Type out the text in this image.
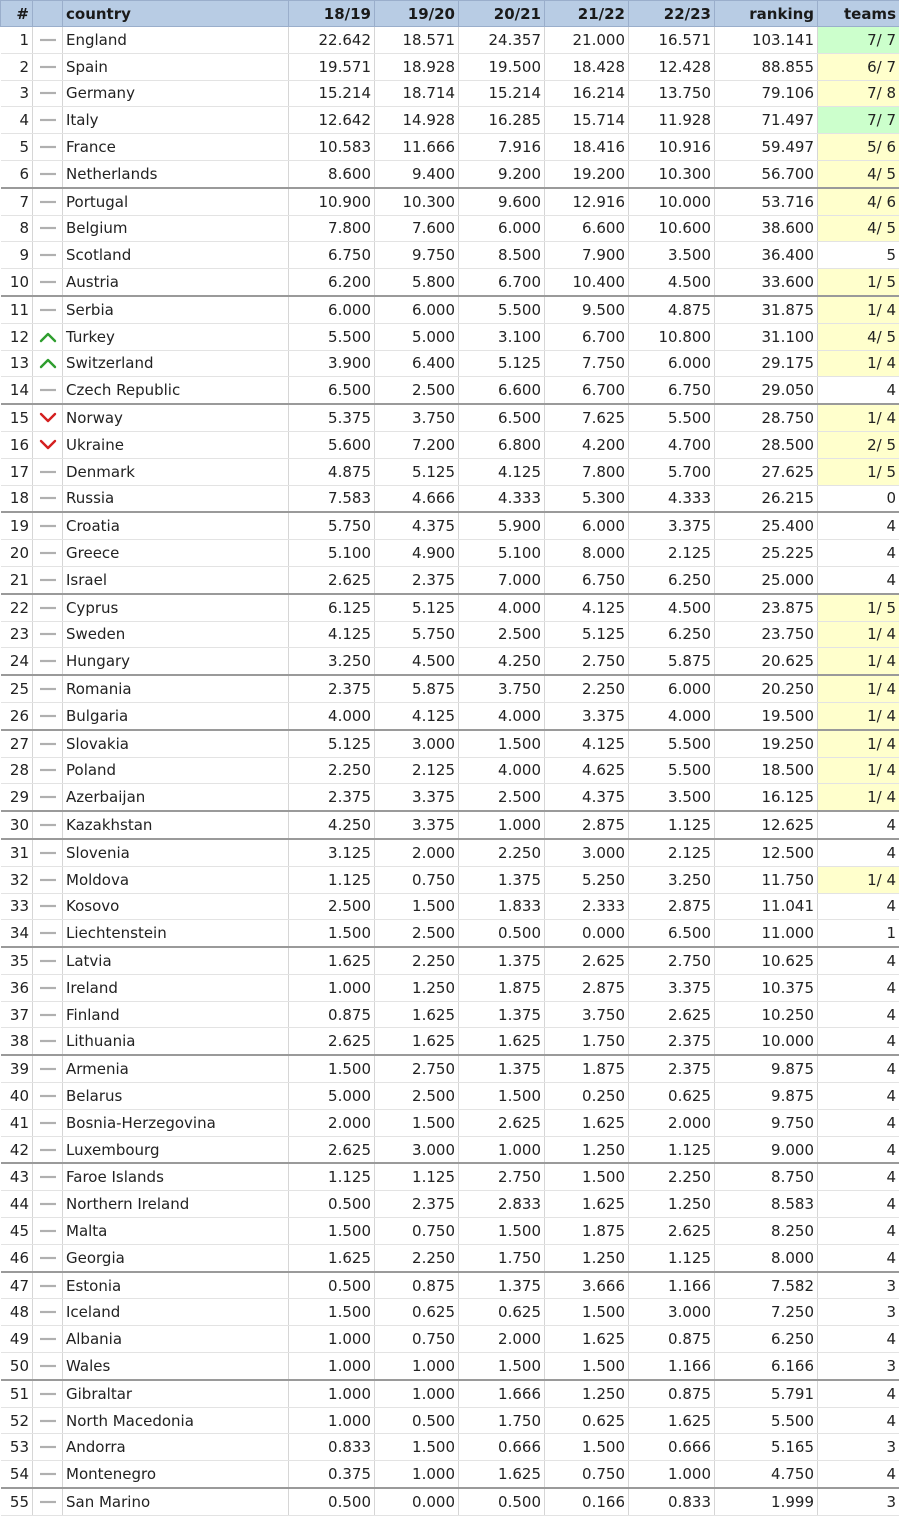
#		country	18/19	19/20	20/21	21/22	22/23	ranking	teams
1		England	22.642	18.571	24.357	21.000	16.571	103.141	7/ 7
2		Spain	19.571	18.928	19.500	18.428	12.428	88.855	6/ 7
3		Germany	15.214	18.714	15.214	16.214	13.750	79.106	7/ 8
4		Italy	12.642	14.928	16.285	15.714	11.928	71.497	7/ 7
5		France	10.583	11.666	7.916	18.416	10.916	59.497	5/ 6
6		Netherlands	8.600	9.400	9.200	19.200	10.300	56.700	4/ 5
7		Portugal	10.900	10.300	9.600	12.916	10.000	53.716	4/ 6
8		Belgium	7.800	7.600	6.000	6.600	10.600	38.600	4/ 5
9		Scotland	6.750	9.750	8.500	7.900	3.500	36.400	5
10		Austria	6.200	5.800	6.700	10.400	4.500	33.600	1/ 5
11		Serbia	6.000	6.000	5.500	9.500	4.875	31.875	1/ 4
12		Turkey	5.500	5.000	3.100	6.700	10.800	31.100	4/ 5
13		Switzerland	3.900	6.400	5.125	7.750	6.000	29.175	1/ 4
14		Czech Republic	6.500	2.500	6.600	6.700	6.750	29.050	4
15		Norway	5.375	3.750	6.500	7.625	5.500	28.750	1/ 4
16		Ukraine	5.600	7.200	6.800	4.200	4.700	28.500	2/ 5
17		Denmark	4.875	5.125	4.125	7.800	5.700	27.625	1/ 5
18		Russia	7.583	4.666	4.333	5.300	4.333	26.215	0
19		Croatia	5.750	4.375	5.900	6.000	3.375	25.400	4
20		Greece	5.100	4.900	5.100	8.000	2.125	25.225	4
21		Israel	2.625	2.375	7.000	6.750	6.250	25.000	4
22		Cyprus	6.125	5.125	4.000	4.125	4.500	23.875	1/ 5
23		Sweden	4.125	5.750	2.500	5.125	6.250	23.750	1/ 4
24		Hungary	3.250	4.500	4.250	2.750	5.875	20.625	1/ 4
25		Romania	2.375	5.875	3.750	2.250	6.000	20.250	1/ 4
26		Bulgaria	4.000	4.125	4.000	3.375	4.000	19.500	1/ 4
27		Slovakia	5.125	3.000	1.500	4.125	5.500	19.250	1/ 4
28		Poland	2.250	2.125	4.000	4.625	5.500	18.500	1/ 4
29		Azerbaijan	2.375	3.375	2.500	4.375	3.500	16.125	1/ 4
30		Kazakhstan	4.250	3.375	1.000	2.875	1.125	12.625	4
31		Slovenia	3.125	2.000	2.250	3.000	2.125	12.500	4
32		Moldova	1.125	0.750	1.375	5.250	3.250	11.750	1/ 4
33		Kosovo	2.500	1.500	1.833	2.333	2.875	11.041	4
34		Liechtenstein	1.500	2.500	0.500	0.000	6.500	11.000	1
35		Latvia	1.625	2.250	1.375	2.625	2.750	10.625	4
36		Ireland	1.000	1.250	1.875	2.875	3.375	10.375	4
37		Finland	0.875	1.625	1.375	3.750	2.625	10.250	4
38		Lithuania	2.625	1.625	1.625	1.750	2.375	10.000	4
39		Armenia	1.500	2.750	1.375	1.875	2.375	9.875	4
40		Belarus	5.000	2.500	1.500	0.250	0.625	9.875	4
41		Bosnia-Herzegovina	2.000	1.500	2.625	1.625	2.000	9.750	4
42		Luxembourg	2.625	3.000	1.000	1.250	1.125	9.000	4
43		Faroe Islands	1.125	1.125	2.750	1.500	2.250	8.750	4
44		Northern Ireland	0.500	2.375	2.833	1.625	1.250	8.583	4
45		Malta	1.500	0.750	1.500	1.875	2.625	8.250	4
46		Georgia	1.625	2.250	1.750	1.250	1.125	8.000	4
47		Estonia	0.500	0.875	1.375	3.666	1.166	7.582	3
48		Iceland	1.500	0.625	0.625	1.500	3.000	7.250	3
49		Albania	1.000	0.750	2.000	1.625	0.875	6.250	4
50		Wales	1.000	1.000	1.500	1.500	1.166	6.166	3
51		Gibraltar	1.000	1.000	1.666	1.250	0.875	5.791	4
52		North Macedonia	1.000	0.500	1.750	0.625	1.625	5.500	4
53		Andorra	0.833	1.500	0.666	1.500	0.666	5.165	3
54		Montenegro	0.375	1.000	1.625	0.750	1.000	4.750	4
55		San Marino	0.500	0.000	0.500	0.166	0.833	1.999	3
